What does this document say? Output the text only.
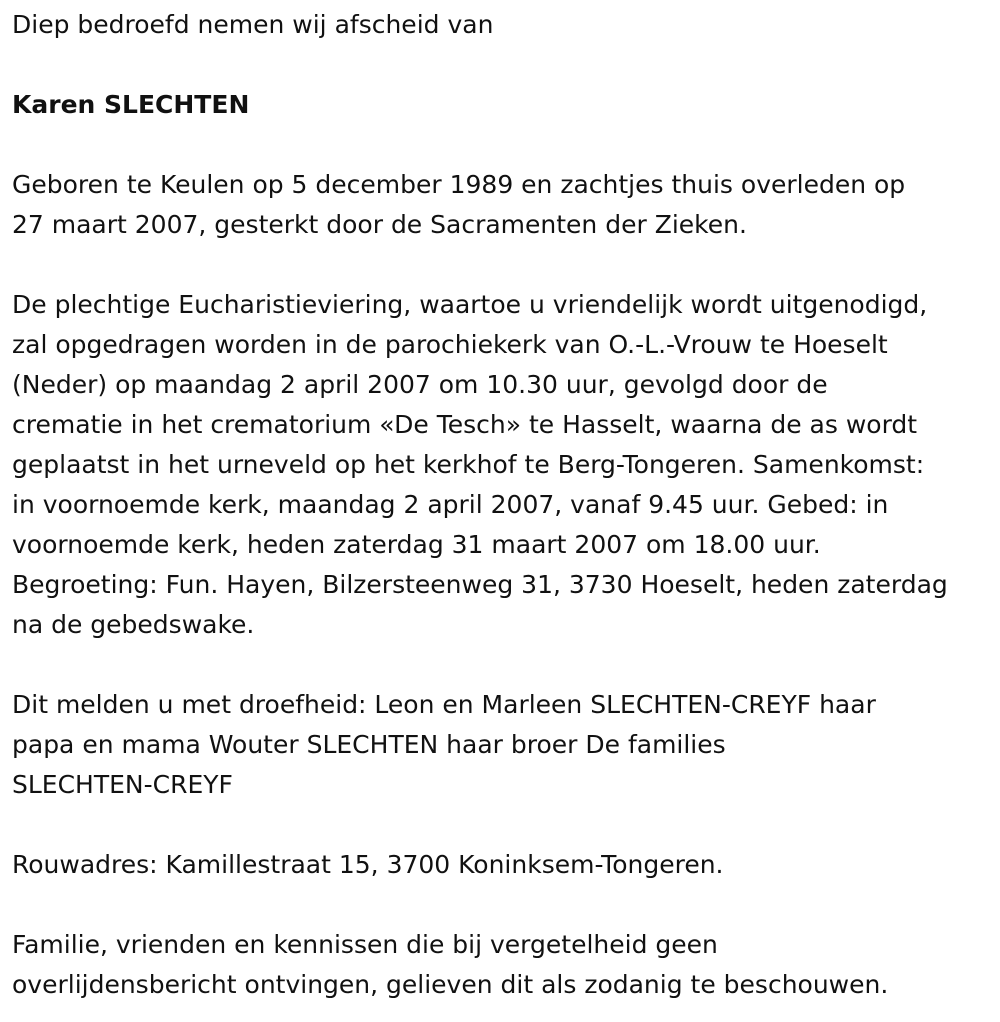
Diep bedroefd nemen wij afscheid van

Karen SLECHTEN

Geboren te Keulen op 5 december 1989 en zachtjes thuis overleden op
27 maart 2007, gesterkt door de Sacramenten der Zieken.

De plechtige Eucharistieviering, waartoe u vriendelijk wordt uitgenodigd,
zal opgedragen worden in de parochiekerk van O.-L.-Vrouw te Hoeselt
(Neder) op maandag 2 april 2007 om 10.30 uur, gevolgd door de
crematie in het crematorium «De Tesch» te Hasselt, waarna de as wordt
geplaatst in het urneveld op het kerkhof te Berg-Tongeren. Samenkomst:
in voornoemde kerk, maandag 2 april 2007, vanaf 9.45 uur. Gebed: in
voornoemde kerk, heden zaterdag 31 maart 2007 om 18.00 uur.
Begroeting: Fun. Hayen, Bilzersteenweg 31, 3730 Hoeselt, heden zaterdag
na de gebedswake.

Dit melden u met droefheid: Leon en Marleen SLECHTEN-CREYF haar
papa en mama Wouter SLECHTEN haar broer De families
SLECHTEN-CREYF

Rouwadres: Kamillestraat 15, 3700 Koninksem-Tongeren.

Familie, vrienden en kennissen die bij vergetelheid geen
overlijdensbericht ontvingen, gelieven dit als zodanig te beschouwen.
